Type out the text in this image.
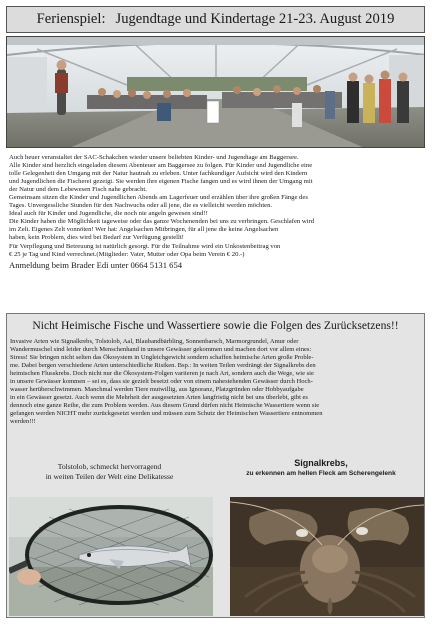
Ferienspiel: Jugendtage und Kindertage 21-23. August 2019

Auch heuer veranstaltet der SAC-Schakchen wieder unsere beliebten Kinder- und Jugendtage am Baggersee.

Alle Kinder sind herzlich eingeladen diesem Abenteuer am Baggersee zu folgen. Für Kinder und Jugendliche eine

tolle Gelegenheit den Umgang mit der Natur hautnah zu erleben. Unter fachkundiger Aufsicht wird den Kindern

und Jugendlichen die Fischerei gezeigt. Sie werden ihre eigenen Fische fangen und es wird ihnen der Umgang mit

der Natur und dem Lebewesen Fisch nahe gebracht.

Gemeinsam sitzen die Kinder und Jugendlichen Abends am Lagerfeuer und erzählen über ihre großen Fänge des

Tages. Unvergessliche Stunden für den Nachwuchs oder all jene, die es vielleicht werden möchten.

Ideal auch für Kinder und Jugendliche, die noch nie angeln gewesen sind!!

Die Kinder haben die Möglichkeit tageweise oder das ganze Wochenenden bei uns zu verbringen. Geschlafen wird

im Zelt. Eigenes Zelt vonnöten! Wer hat: Angelsachen Mitbringen, für all jene die keine Angelsachen

haben, kein Problem, dies wird bei Bedarf zur Verfügung gestellt!

Für Verpflegung und Betreuung ist natürlich gesorgt. Für die Teilnahme wird ein Unkostenbeitrag von

€ 25 je Tag und Kind verrechnet.(Mitglieder: Vater, Mutter oder Opa beim Verein € 20.-)

Anmeldung beim Brader Edi unter 0664 5131 654

Nicht Heimische Fische und Wassertiere sowie die Folgen des Zurücksetzens!!

Invasive Arten wie Signalkrebs, Tolstolob, Aal, Blaubandbärbling, Sonnenbarsch, Marmorgrundel, Amur oder

Wandermuschel sind leider durch Menschenhand in unsere Gewässer gekommen und machen dort vor allem eines:

Stress! Sie bringen nicht selten das Ökosystem in Ungleichgewicht sondern schaffen heimische Arten große Proble-

me. Dabei bergen verschiedene Arten unterschiedliche Risiken. Bsp.: In weiten Teilen verdrängt der Signalkrebs den

heimischen Flusskrebs. Doch nicht nur die Ökosystem-Folgen variieren je nach Art, sondern auch die Wege, wie sie

in unsere Gewässer kommen – sei es, dass sie gezielt besetzt oder von einem nahestehenden Gewässer durch Hoch-

wasser herüberschwimmen. Manchmal werden Tiere mutwillig, aus Ignoranz, Platzgründen oder Hobbyaufgabe

in ein Gewässer gesetzt. Auch wenn die Mehrheit der ausgesetzten Arten langfristig nicht bei uns überlebt, gibt es

dennoch eine ganze Reihe, die zum Problem werden. Aus diesem Grund dürfen nicht Heimische Wassertiere wenn sie

gefangen werden NICHT mehr zurückgesetzt werden und müssen zum Schutz der Heimischen Wassertiere entnommen

werden!!!

Tolstolob, schmeckt hervorragend

in weiten Teilen der Welt eine Delikatesse

Signalkrebs,
zu erkennen am hellen Fleck am Scherengelenk
